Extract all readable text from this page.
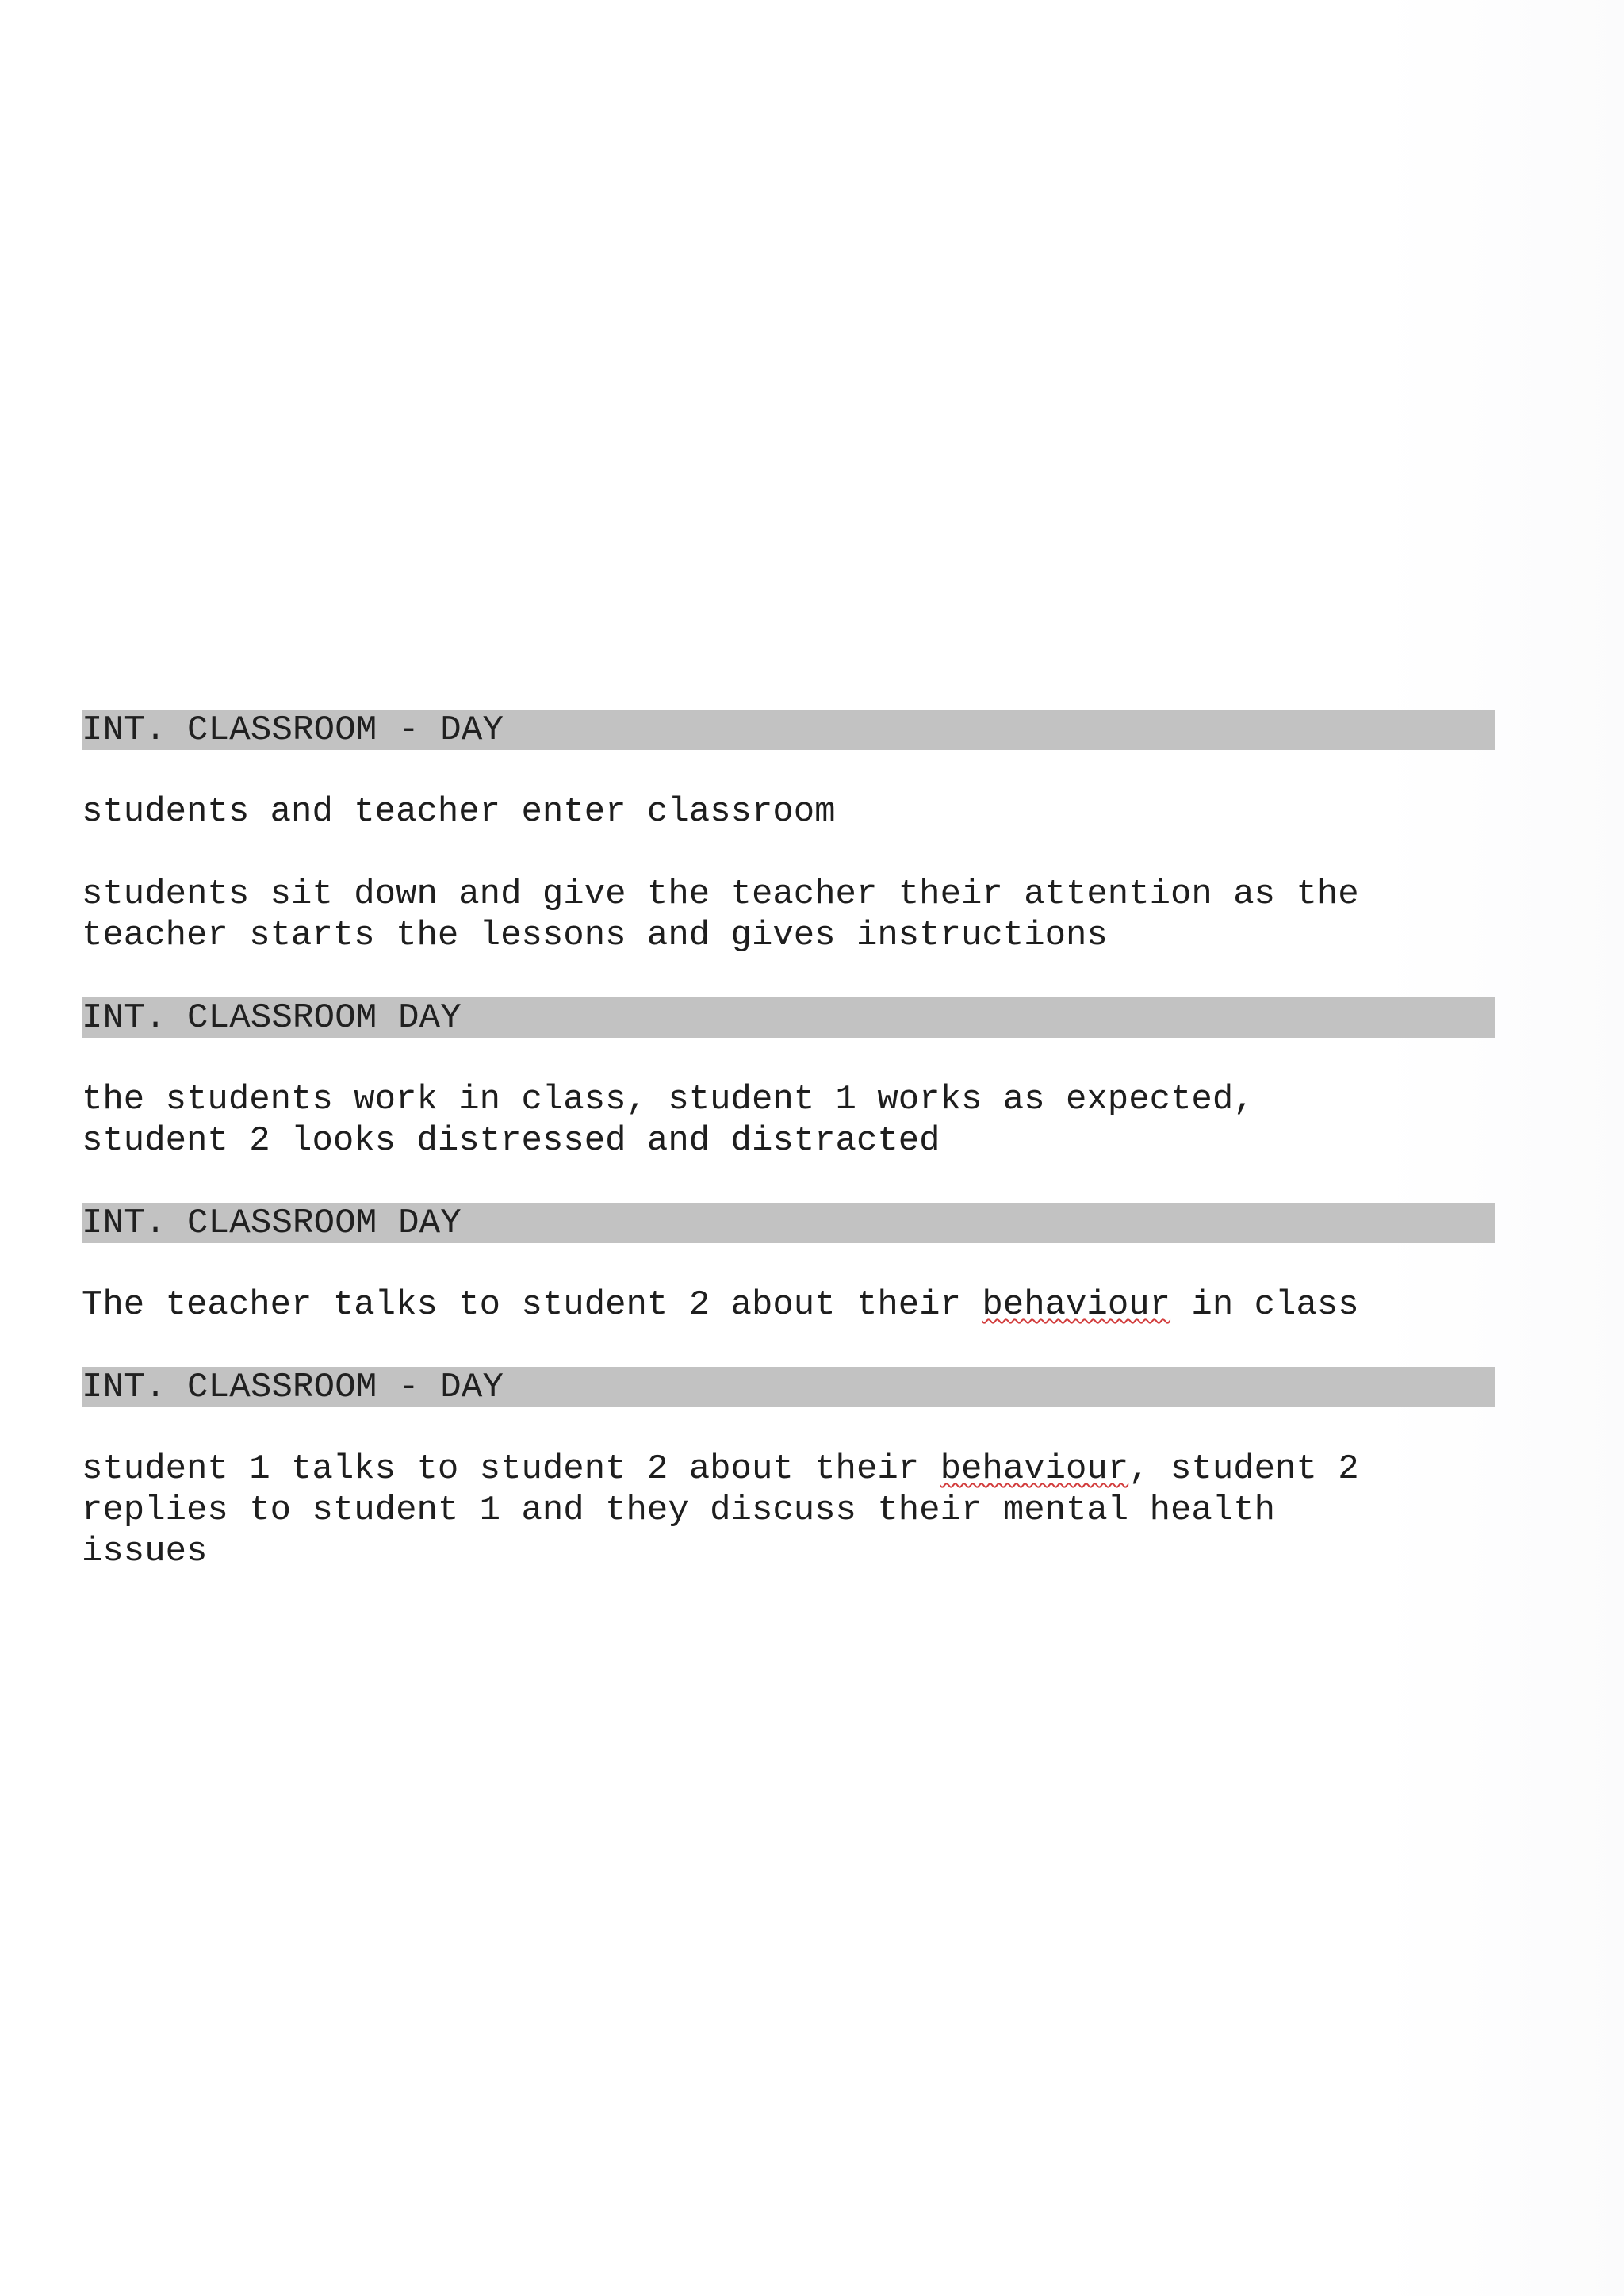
INT. CLASSROOM - DAY
students and teacher enter classroom
students sit down and give the teacher their attention as the
teacher starts the lessons and gives instructions
INT. CLASSROOM DAY
the students work in class, student 1 works as expected,
student 2 looks distressed and distracted
INT. CLASSROOM DAY
The teacher talks to student 2 about their behaviour in class
INT. CLASSROOM - DAY
student 1 talks to student 2 about their behaviour, student 2
replies to student 1 and they discuss their mental health
issues
